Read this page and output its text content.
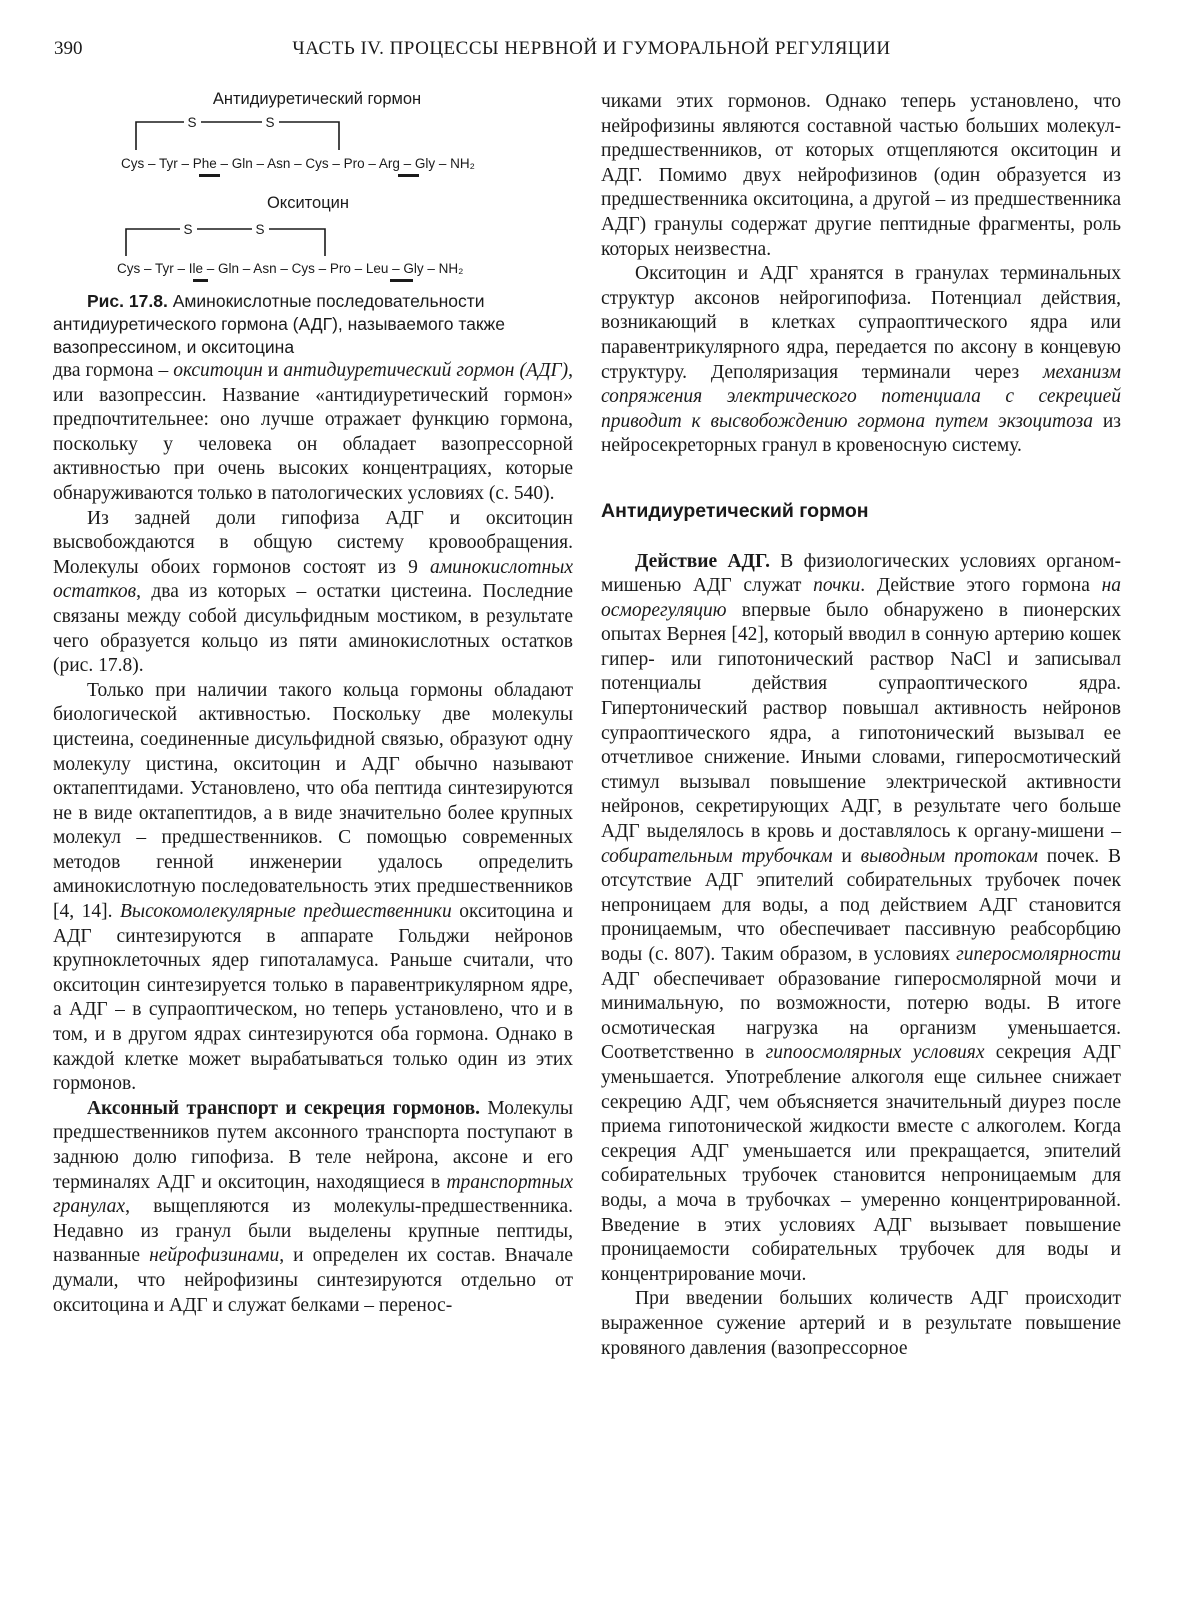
390	ЧАСТЬ IV. ПРОЦЕССЫ НЕРВНОЙ И ГУМОРАЛЬНОЙ РЕГУЛЯЦИИ
Антидиуретический гормон
S	S
Cys – Tyr – Phe – Gln – Asn – Cys – Pro – Arg – Gly – NH₂
Окситоцин
S	S
Cys – Tyr – Ile – Gln – Asn – Cys – Pro – Leu – Gly – NH₂

Рис. 17.8. Аминокислотные последовательности антидиуретического гормона (АДГ), называемого также вазопрессином, и окситоцина

два гормона – окситоцин и антидиуретический гормон (АДГ), или вазопрессин. Название «антидиуретический гормон» предпочтительнее: оно лучше отражает функцию гормона, поскольку у человека он обладает вазопрессорной активностью при очень высоких концентрациях, которые обнаруживаются только в патологических условиях (с. 540).

Из задней доли гипофиза АДГ и окситоцин высвобождаются в общую систему кровообращения. Молекулы обоих гормонов состоят из 9 аминокислотных остатков, два из которых – остатки цистеина. Последние связаны между собой дисульфидным мостиком, в результате чего образуется кольцо из пяти аминокислотных остатков (рис. 17.8).

Только при наличии такого кольца гормоны обладают биологической активностью. Поскольку две молекулы цистеина, соединенные дисульфидной связью, образуют одну молекулу цистина, окситоцин и АДГ обычно называют октапептидами. Установлено, что оба пептида синтезируются не в виде октапептидов, а в виде значительно более крупных молекул – предшественников. С помощью современных методов генной инженерии удалось определить аминокислотную последовательность этих предшественников [4, 14]. Высокомолекулярные предшественники окситоцина и АДГ синтезируются в аппарате Гольджи нейронов крупноклеточных ядер гипоталамуса. Раньше считали, что окситоцин синтезируется только в паравентрикулярном ядре, а АДГ – в супраоптическом, но теперь установлено, что и в том, и в другом ядрах синтезируются оба гормона. Однако в каждой клетке может вырабатываться только один из этих гормонов.

Аксонный транспорт и секреция гормонов. Молекулы предшественников путем аксонного транспорта поступают в заднюю долю гипофиза. В теле нейрона, аксоне и его терминалях АДГ и окситоцин, находящиеся в транспортных гранулах, выщепляются из молекулы-предшественника. Недавно из гранул были выделены крупные пептиды, названные нейрофизинами, и определен их состав. Вначале думали, что нейрофизины синтезируются отдельно от окситоцина и АДГ и служат белками – перенос-

чиками этих гормонов. Однако теперь установлено, что нейрофизины являются составной частью больших молекул-предшественников, от которых отщепляются окситоцин и АДГ. Помимо двух нейрофизинов (один образуется из предшественника окситоцина, а другой – из предшественника АДГ) гранулы содержат другие пептидные фрагменты, роль которых неизвестна.

Окситоцин и АДГ хранятся в гранулах терминальных структур аксонов нейрогипофиза. Потенциал действия, возникающий в клетках супраоптического ядра или паравентрикулярного ядра, передается по аксону в концевую структуру. Деполяризация терминали через механизм сопряжения электрического потенциала с секрецией приводит к высвобождению гормона путем экзоцитоза из нейросекреторных гранул в кровеносную систему.

Антидиуретический гормон

Действие АДГ. В физиологических условиях органом-мишенью АДГ служат почки. Действие этого гормона на осморегуляцию впервые было обнаружено в пионерских опытах Вернея [42], который вводил в сонную артерию кошек гипер- или гипотонический раствор NaCl и записывал потенциалы действия супраоптического ядра. Гипертонический раствор повышал активность нейронов супраоптического ядра, а гипотонический вызывал ее отчетливое снижение. Иными словами, гиперосмотический стимул вызывал повышение электрической активности нейронов, секретирующих АДГ, в результате чего больше АДГ выделялось в кровь и доставлялось к органу-мишени – собирательным трубочкам и выводным протокам почек. В отсутствие АДГ эпителий собирательных трубочек почек непроницаем для воды, а под действием АДГ становится проницаемым, что обеспечивает пассивную реабсорбцию воды (с. 807). Таким образом, в условиях гиперосмолярности АДГ обеспечивает образование гиперосмолярной мочи и минимальную, по возможности, потерю воды. В итоге осмотическая нагрузка на организм уменьшается. Соответственно в гипоосмолярных условиях секреция АДГ уменьшается. Употребление алкоголя еще сильнее снижает секрецию АДГ, чем объясняется значительный диурез после приема гипотонической жидкости вместе с алкоголем. Когда секреция АДГ уменьшается или прекращается, эпителий собирательных трубочек становится непроницаемым для воды, а моча в трубочках – умеренно концентрированной. Введение в этих условиях АДГ вызывает повышение проницаемости собирательных трубочек для воды и концентрирование мочи.

При введении больших количеств АДГ происходит выраженное сужение артерий и в результате повышение кровяного давления (вазопрессорное
